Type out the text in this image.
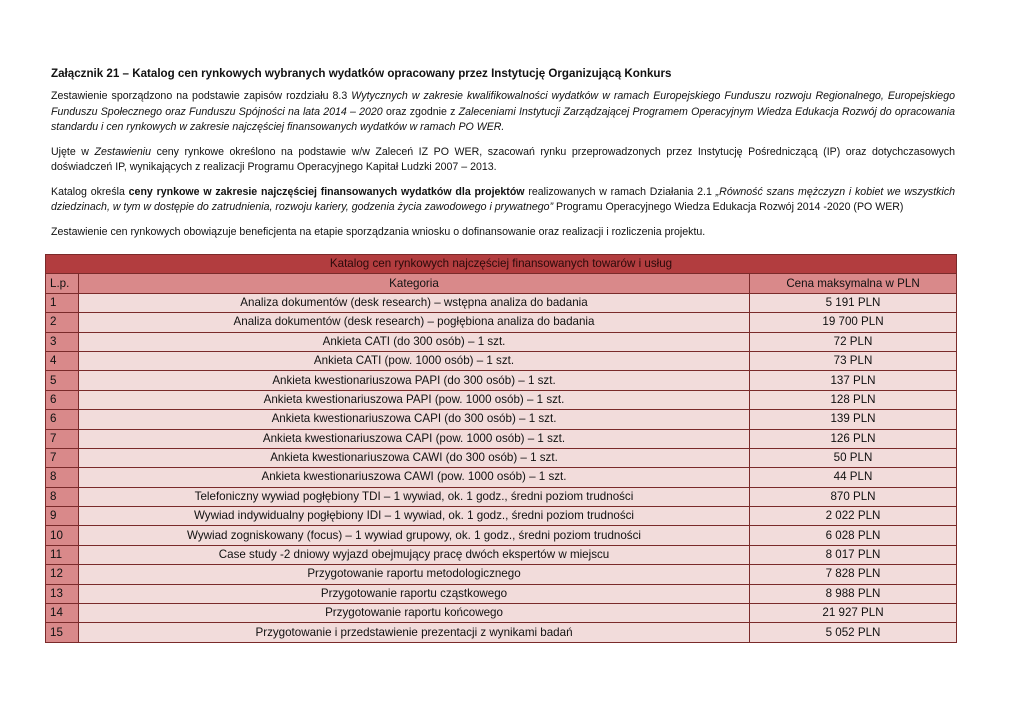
Załącznik 21 – Katalog cen rynkowych wybranych wydatków opracowany przez Instytucję Organizującą Konkurs

Zestawienie sporządzono na podstawie zapisów rozdziału 8.3 Wytycznych w zakresie kwalifikowalności wydatków w ramach Europejskiego Funduszu rozwoju Regionalnego, Europejskiego Funduszu Społecznego oraz Funduszu Spójności na lata 2014 – 2020 oraz zgodnie z Zaleceniami Instytucji Zarządzającej Programem Operacyjnym Wiedza Edukacja Rozwój do opracowania standardu i cen rynkowych w zakresie najczęściej finansowanych wydatków w ramach PO WER.

Ujęte w Zestawieniu ceny rynkowe określono na podstawie w/w Zaleceń IZ PO WER, szacowań rynku przeprowadzonych przez Instytucję Pośredniczącą (IP) oraz dotychczasowych doświadczeń IP, wynikających z realizacji Programu Operacyjnego Kapitał Ludzki 2007 – 2013.

Katalog określa ceny rynkowe w zakresie najczęściej finansowanych wydatków dla projektów realizowanych w ramach Działania 2.1 „Równość szans mężczyzn i kobiet we wszystkich dziedzinach, w tym w dostępie do zatrudnienia, rozwoju kariery, godzenia życia zawodowego i prywatnego” Programu Operacyjnego Wiedza Edukacja Rozwój 2014 -2020 (PO WER)

Zestawienie cen rynkowych obowiązuje beneficjenta na etapie sporządzania wniosku o dofinansowanie oraz realizacji i rozliczenia projektu.

Katalog cen rynkowych najczęściej finansowanych towarów i usług		
L.p.	Kategoria	Cena maksymalna w PLN
1	Analiza dokumentów (desk research) – wstępna analiza do badania	5 191 PLN
2	Analiza dokumentów (desk research) – pogłębiona analiza do badania	19 700 PLN
3	Ankieta CATI (do 300 osób) – 1 szt.	72 PLN
4	Ankieta CATI (pow. 1000 osób) – 1 szt.	73 PLN
5	Ankieta kwestionariuszowa PAPI (do 300 osób) – 1 szt.	137 PLN
6	Ankieta kwestionariuszowa PAPI (pow. 1000 osób) – 1 szt.	128 PLN
6	Ankieta kwestionariuszowa CAPI (do 300 osób) – 1 szt.	139 PLN
7	Ankieta kwestionariuszowa CAPI (pow. 1000 osób) – 1 szt.	126 PLN
7	Ankieta kwestionariuszowa CAWI (do 300 osób) – 1 szt.	50 PLN
8	Ankieta kwestionariuszowa CAWI (pow. 1000 osób) – 1 szt.	44 PLN
8	Telefoniczny wywiad pogłębiony TDI – 1 wywiad, ok. 1 godz., średni poziom trudności	870 PLN
9	Wywiad indywidualny pogłębiony IDI – 1 wywiad, ok. 1 godz., średni poziom trudności	2 022 PLN
10	Wywiad zogniskowany (focus) – 1 wywiad grupowy, ok. 1 godz., średni poziom trudności	6 028 PLN
11	Case study -2 dniowy wyjazd obejmujący pracę dwóch ekspertów w miejscu	8 017 PLN
12	Przygotowanie raportu metodologicznego	7 828 PLN
13	Przygotowanie raportu cząstkowego	8 988 PLN
14	Przygotowanie raportu końcowego	21 927 PLN
15	Przygotowanie i przedstawienie prezentacji z wynikami badań	5 052 PLN
